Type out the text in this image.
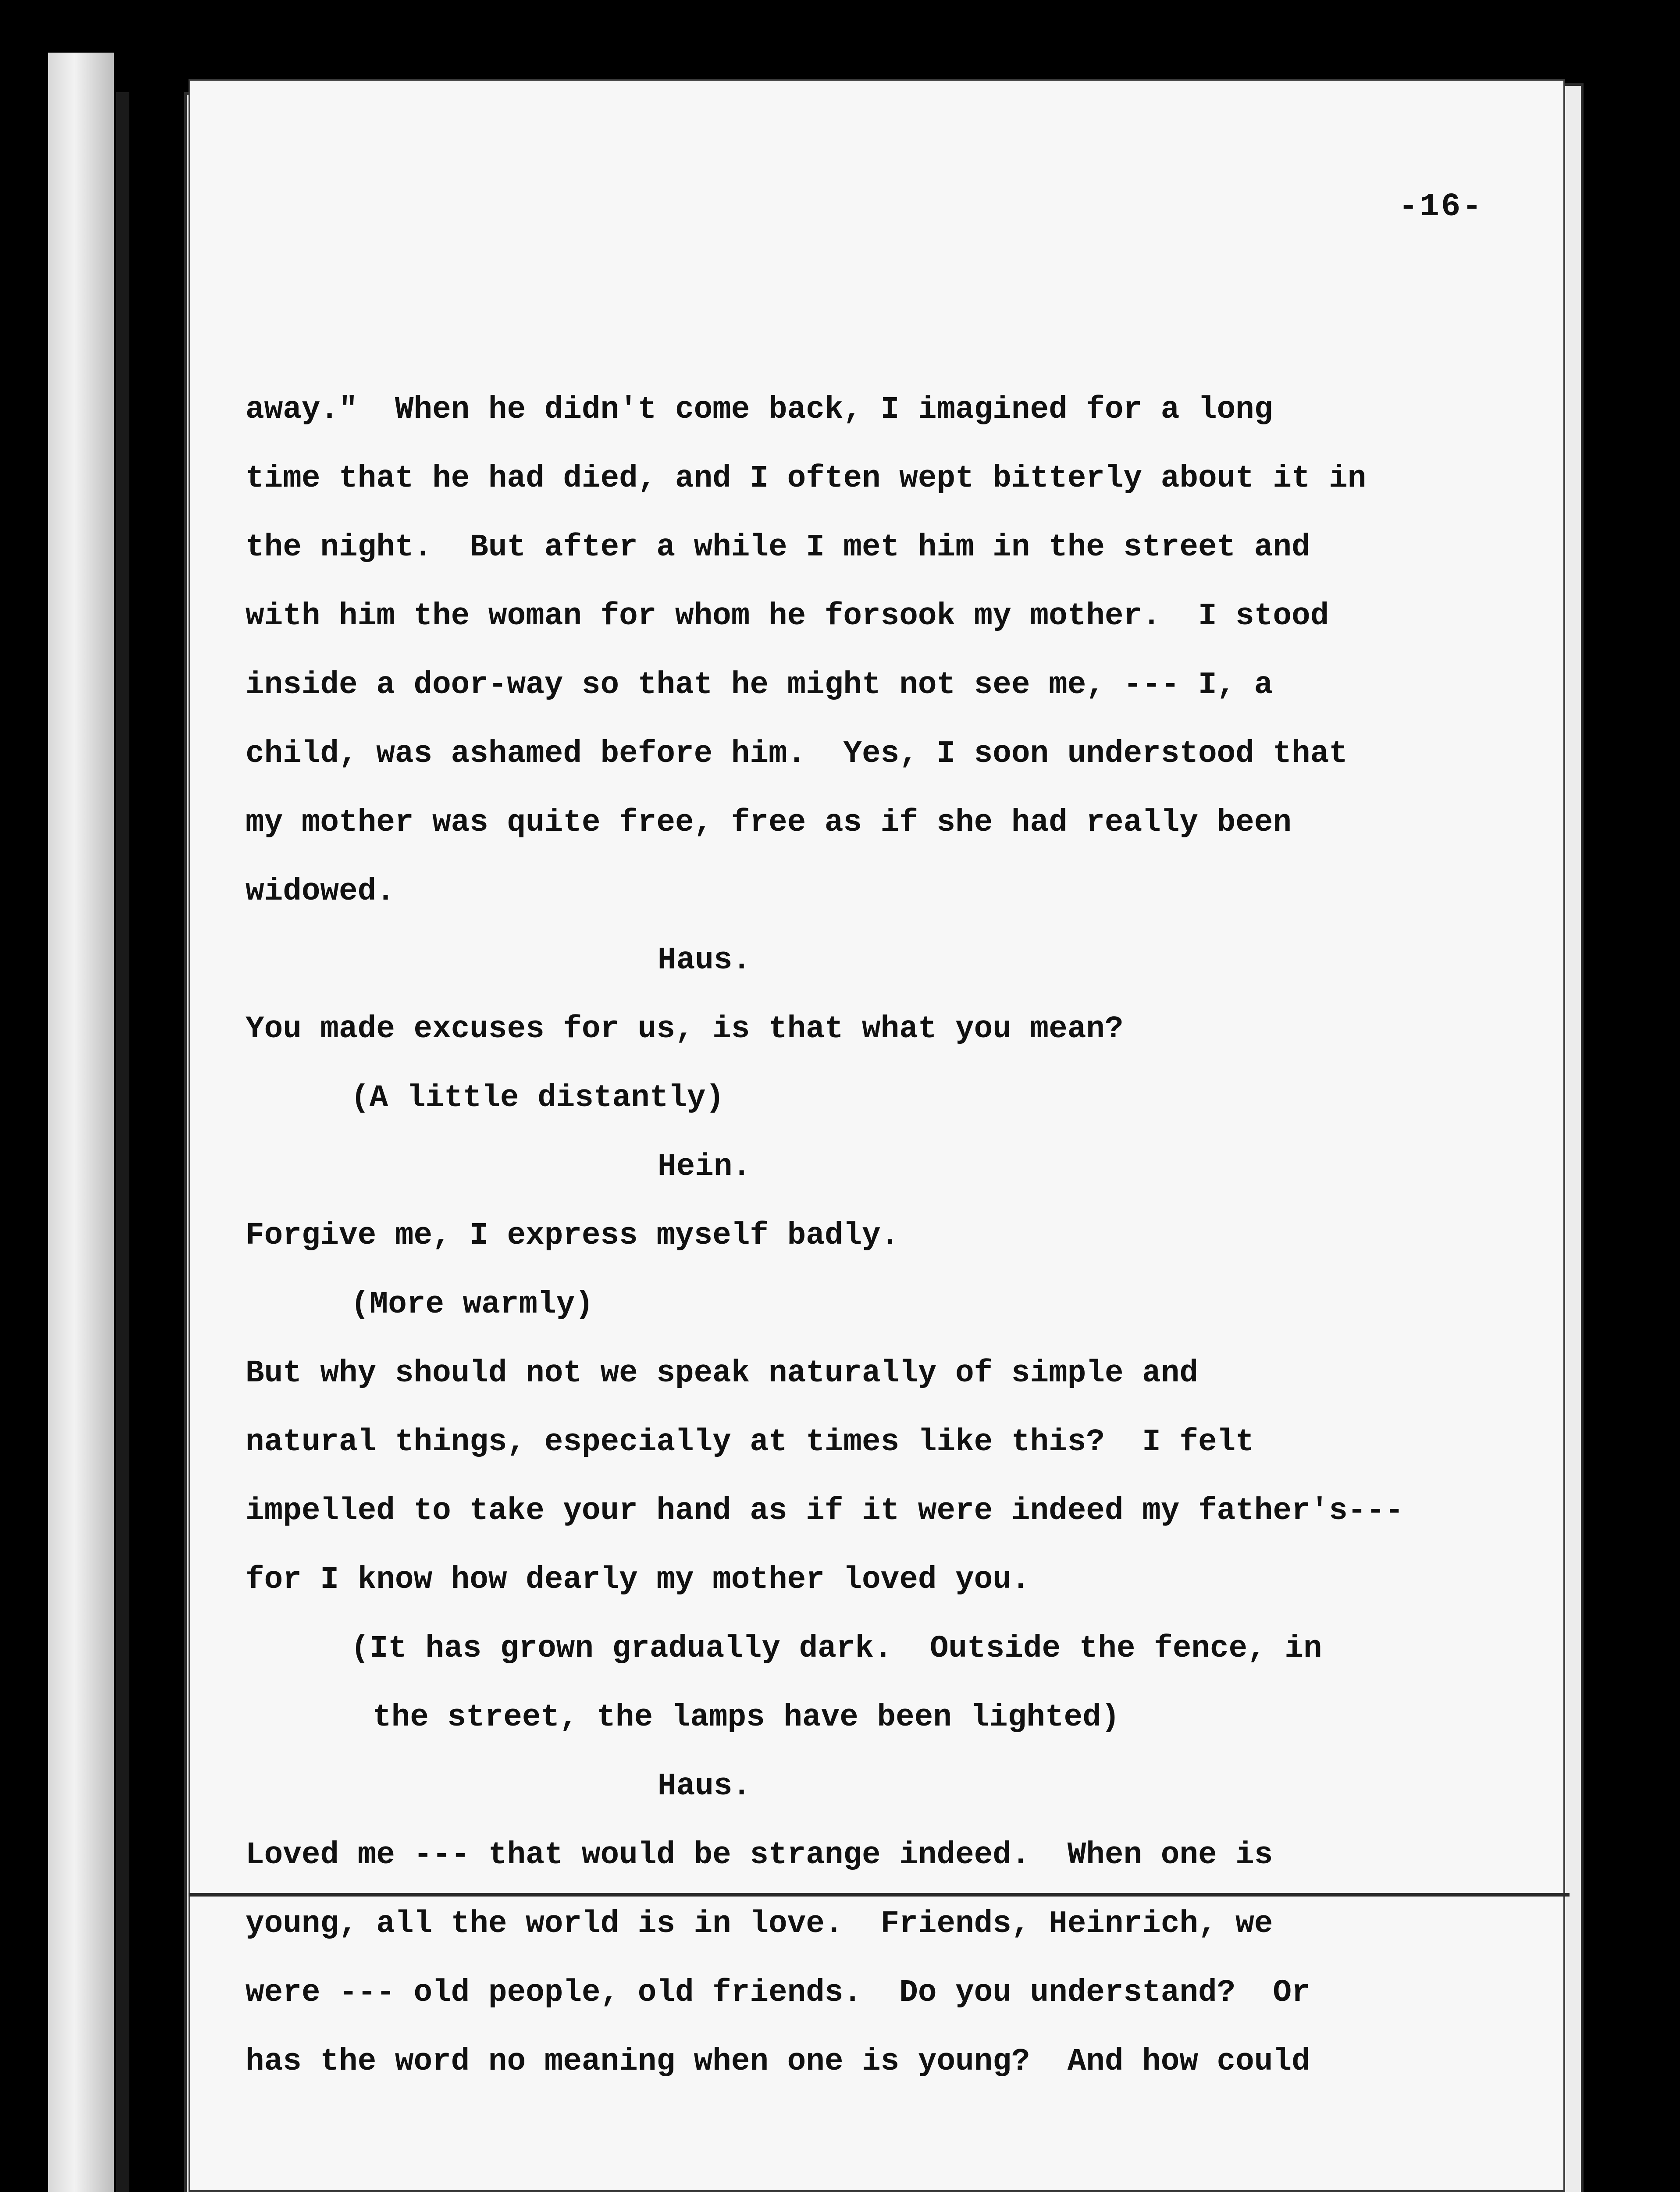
-16-
away."  When he didn't come back, I imagined for a long
time that he had died, and I often wept bitterly about it in
the night.  But after a while I met him in the street and
with him the woman for whom he forsook my mother.  I stood
inside a door-way so that he might not see me, --- I, a
child, was ashamed before him.  Yes, I soon understood that
my mother was quite free, free as if she had really been
widowed.
Haus.
You made excuses for us, is that what you mean?
(A little distantly)
Hein.
Forgive me, I express myself badly.
(More warmly)
But why should not we speak naturally of simple and
natural things, especially at times like this?  I felt
impelled to take your hand as if it were indeed my father's---
for I know how dearly my mother loved you.
(It has grown gradually dark.  Outside the fence, in
the street, the lamps have been lighted)
Haus.
Loved me --- that would be strange indeed.  When one is
young, all the world is in love.  Friends, Heinrich, we
were --- old people, old friends.  Do you understand?  Or
has the word no meaning when one is young?  And how could
